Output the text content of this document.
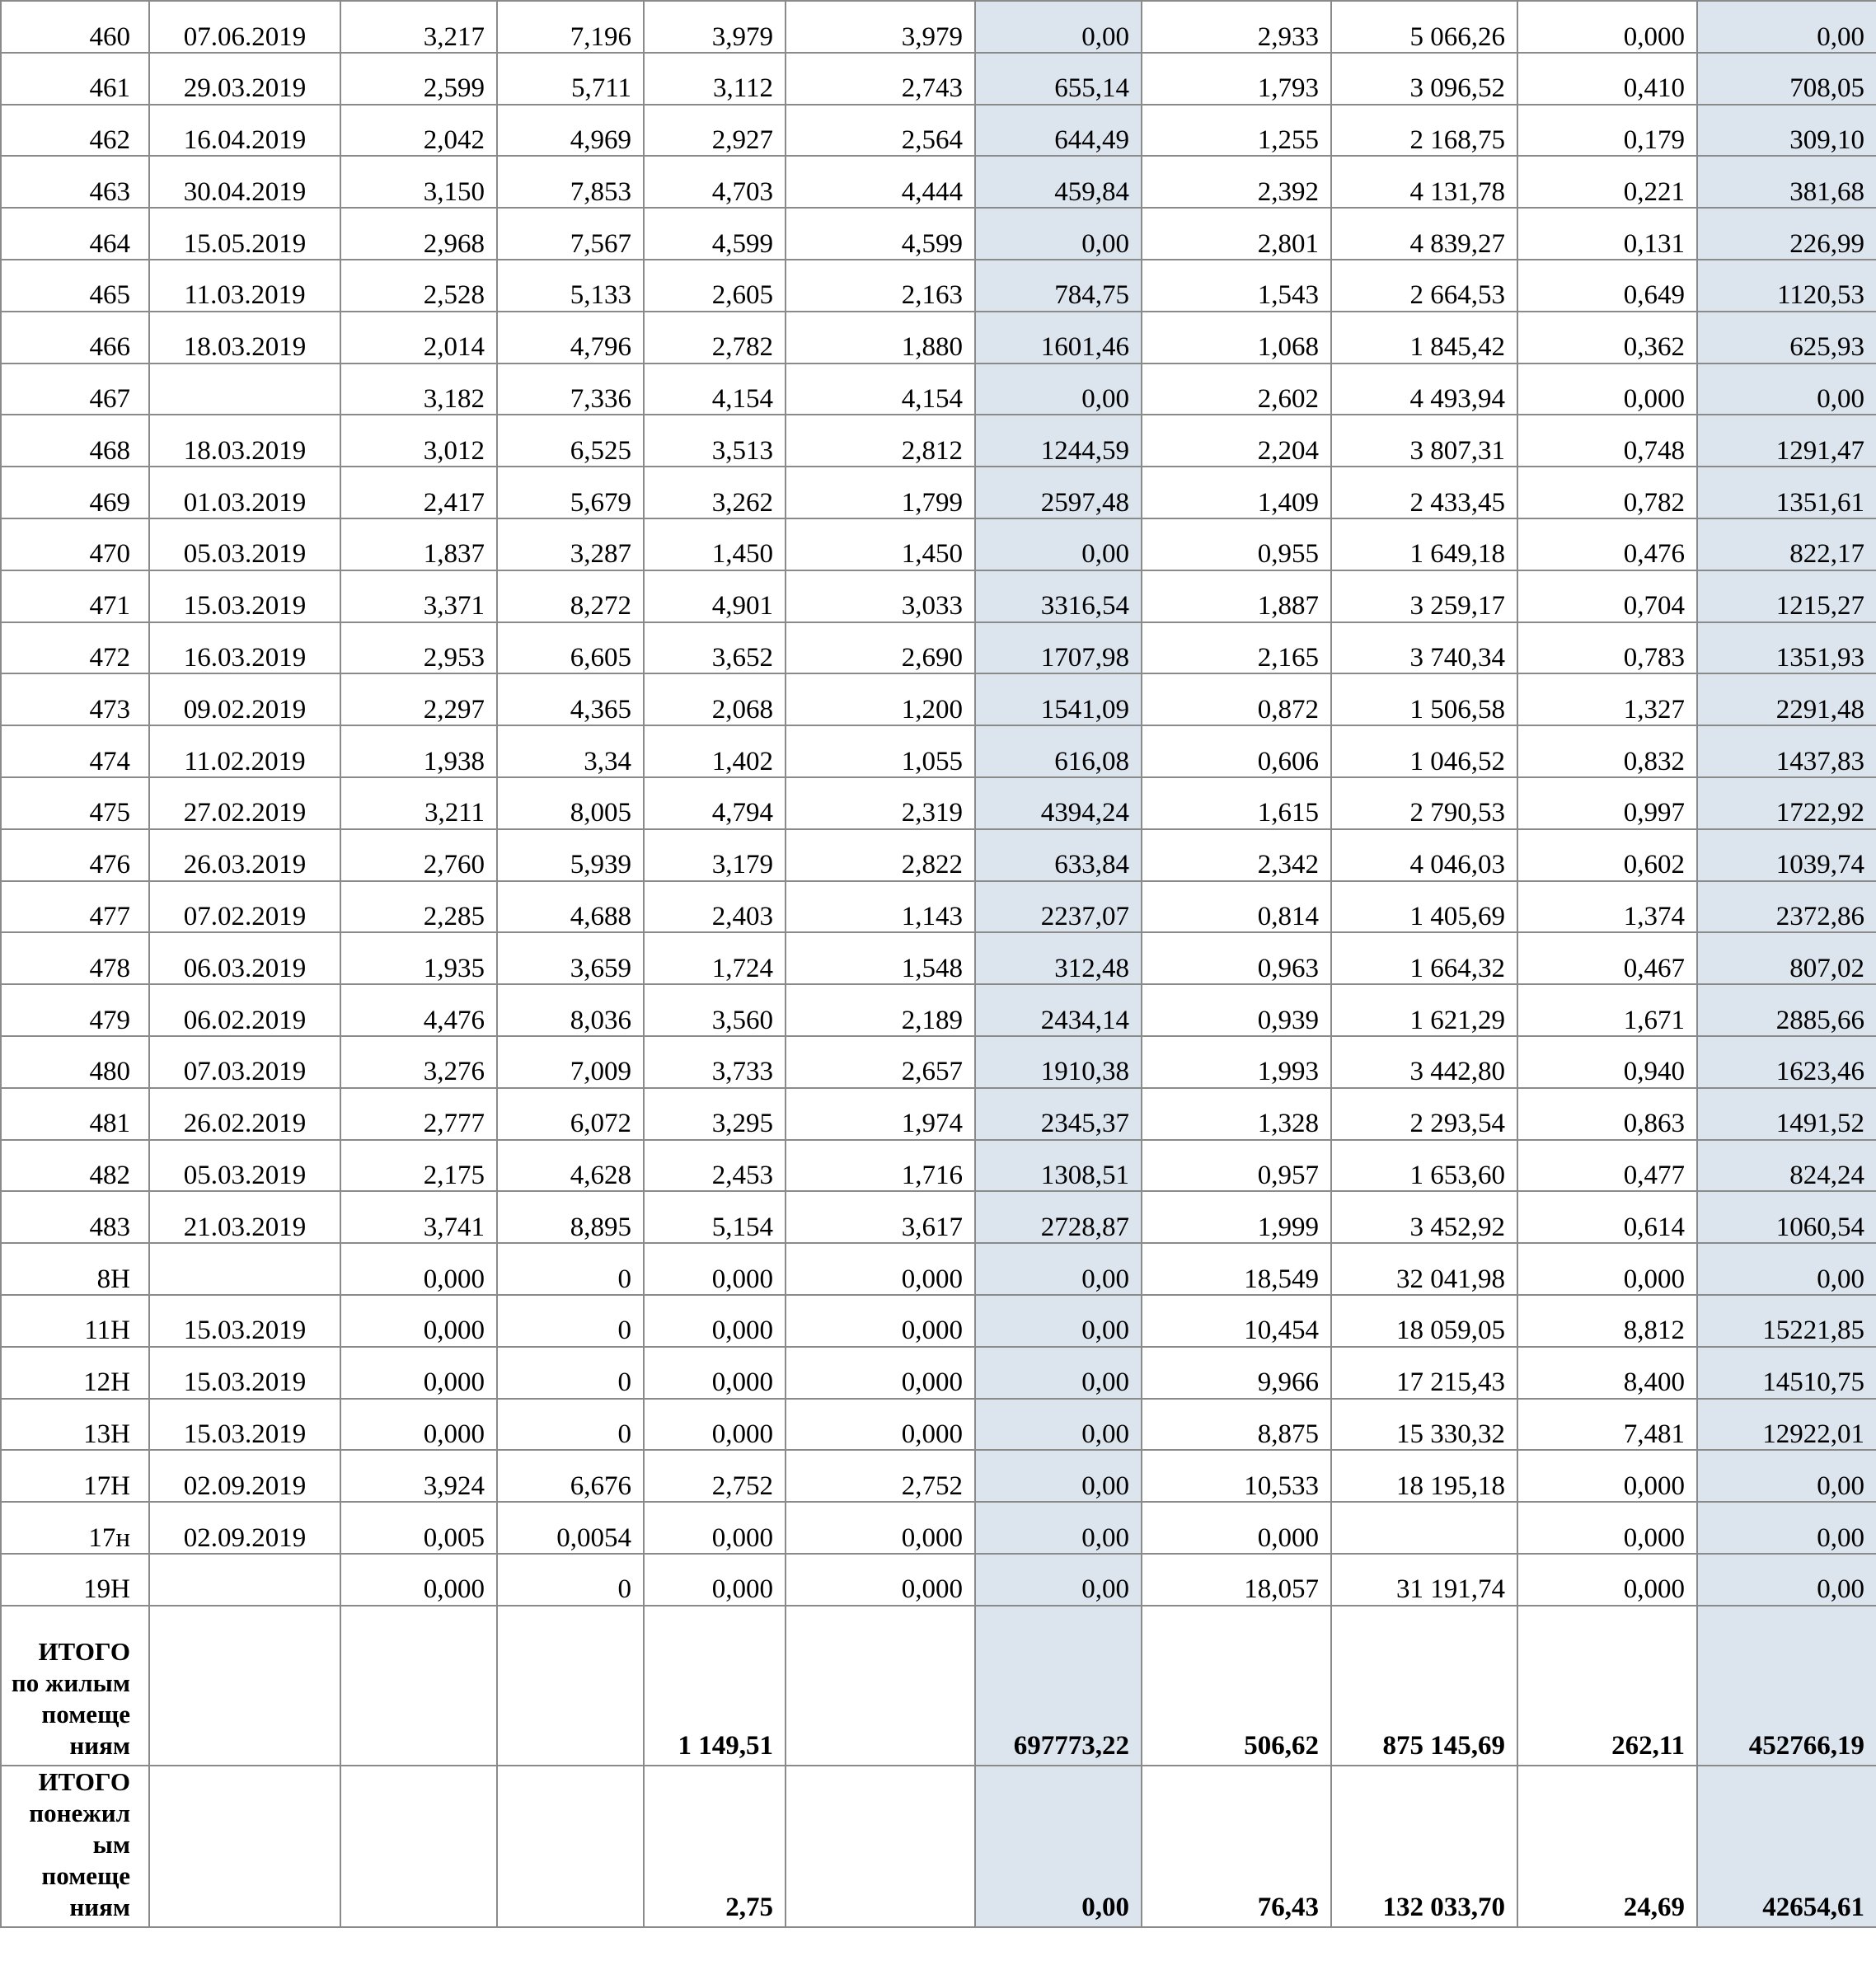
460	07.06.2019	3,217	7,196	3,979	3,979	0,00	2,933	5 066,26	0,000	0,00
461	29.03.2019	2,599	5,711	3,112	2,743	655,14	1,793	3 096,52	0,410	708,05
462	16.04.2019	2,042	4,969	2,927	2,564	644,49	1,255	2 168,75	0,179	309,10
463	30.04.2019	3,150	7,853	4,703	4,444	459,84	2,392	4 131,78	0,221	381,68
464	15.05.2019	2,968	7,567	4,599	4,599	0,00	2,801	4 839,27	0,131	226,99
465	11.03.2019	2,528	5,133	2,605	2,163	784,75	1,543	2 664,53	0,649	1120,53
466	18.03.2019	2,014	4,796	2,782	1,880	1601,46	1,068	1 845,42	0,362	625,93
467		3,182	7,336	4,154	4,154	0,00	2,602	4 493,94	0,000	0,00
468	18.03.2019	3,012	6,525	3,513	2,812	1244,59	2,204	3 807,31	0,748	1291,47
469	01.03.2019	2,417	5,679	3,262	1,799	2597,48	1,409	2 433,45	0,782	1351,61
470	05.03.2019	1,837	3,287	1,450	1,450	0,00	0,955	1 649,18	0,476	822,17
471	15.03.2019	3,371	8,272	4,901	3,033	3316,54	1,887	3 259,17	0,704	1215,27
472	16.03.2019	2,953	6,605	3,652	2,690	1707,98	2,165	3 740,34	0,783	1351,93
473	09.02.2019	2,297	4,365	2,068	1,200	1541,09	0,872	1 506,58	1,327	2291,48
474	11.02.2019	1,938	3,34	1,402	1,055	616,08	0,606	1 046,52	0,832	1437,83
475	27.02.2019	3,211	8,005	4,794	2,319	4394,24	1,615	2 790,53	0,997	1722,92
476	26.03.2019	2,760	5,939	3,179	2,822	633,84	2,342	4 046,03	0,602	1039,74
477	07.02.2019	2,285	4,688	2,403	1,143	2237,07	0,814	1 405,69	1,374	2372,86
478	06.03.2019	1,935	3,659	1,724	1,548	312,48	0,963	1 664,32	0,467	807,02
479	06.02.2019	4,476	8,036	3,560	2,189	2434,14	0,939	1 621,29	1,671	2885,66
480	07.03.2019	3,276	7,009	3,733	2,657	1910,38	1,993	3 442,80	0,940	1623,46
481	26.02.2019	2,777	6,072	3,295	1,974	2345,37	1,328	2 293,54	0,863	1491,52
482	05.03.2019	2,175	4,628	2,453	1,716	1308,51	0,957	1 653,60	0,477	824,24
483	21.03.2019	3,741	8,895	5,154	3,617	2728,87	1,999	3 452,92	0,614	1060,54
8Н		0,000	0	0,000	0,000	0,00	18,549	32 041,98	0,000	0,00
11Н	15.03.2019	0,000	0	0,000	0,000	0,00	10,454	18 059,05	8,812	15221,85
12Н	15.03.2019	0,000	0	0,000	0,000	0,00	9,966	17 215,43	8,400	14510,75
13Н	15.03.2019	0,000	0	0,000	0,000	0,00	8,875	15 330,32	7,481	12922,01
17Н	02.09.2019	3,924	6,676	2,752	2,752	0,00	10,533	18 195,18	0,000	0,00
17н	02.09.2019	0,005	0,0054	0,000	0,000	0,00	0,000		0,000	0,00
19Н		0,000	0	0,000	0,000	0,00	18,057	31 191,74	0,000	0,00
ИТОГО по жилым помеще ниям				1 149,51		697773,22	506,62	875 145,69	262,11	452766,19
ИТОГО понежил ым помеще ниям				2,75		0,00	76,43	132 033,70	24,69	42654,61
